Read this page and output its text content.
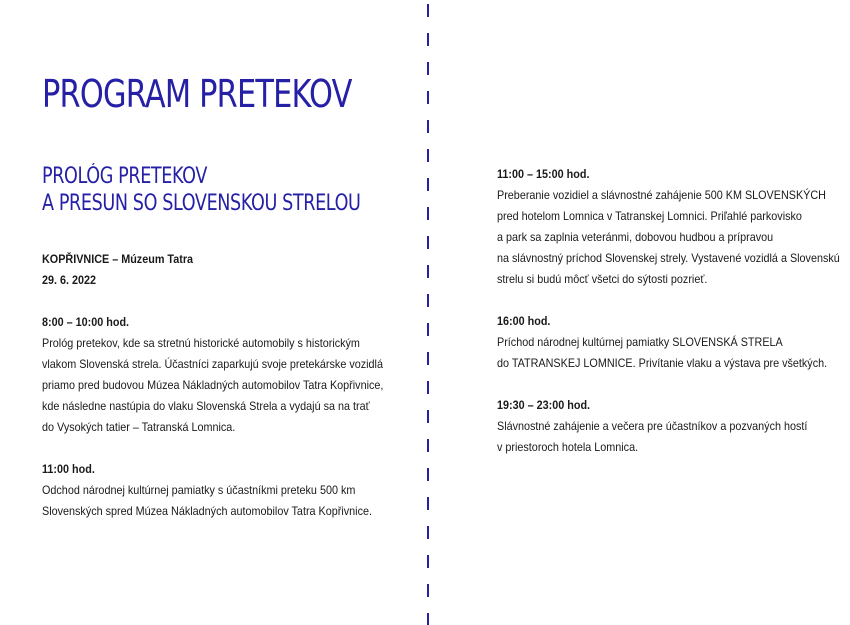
PROGRAM PRETEKOV
PROLÓG PRETEKOV
A PRESUN SO SLOVENSKOU STRELOU
KOPŘIVNICE – Múzeum Tatra
29. 6. 2022
8:00 – 10:00 hod.
Prológ pretekov, kde sa stretnú historické automobily s historickým
vlakom Slovenská strela. Účastníci zaparkujú svoje pretekárske vozidlá
priamo pred budovou Múzea Nákladných automobilov Tatra Kopřivnice,
kde následne nastúpia do vlaku Slovenská Strela a vydajú sa na trať
do Vysokých tatier – Tatranská Lomnica.
11:00 hod.
Odchod národnej kultúrnej pamiatky s účastníkmi preteku 500 km
Slovenských spred Múzea Nákladných automobilov Tatra Kopřivnice.
11:00 – 15:00 hod.
Preberanie vozidiel a slávnostné zahájenie 500 KM SLOVENSKÝCH
pred hotelom Lomnica v Tatranskej Lomnici. Priľahlé parkovisko
a park sa zaplnia veteránmi, dobovou hudbou a prípravou
na slávnostný príchod Slovenskej strely. Vystavené vozidlá a Slovenskú
strelu si budú môcť všetci do sýtosti pozrieť.
16:00 hod.
Príchod národnej kultúrnej pamiatky SLOVENSKÁ STRELA
do TATRANSKEJ LOMNICE. Privítanie vlaku a výstava pre všetkých.
19:30 – 23:00 hod.
Slávnostné zahájenie a večera pre účastníkov a pozvaných hostí
v priestoroch hotela Lomnica.
